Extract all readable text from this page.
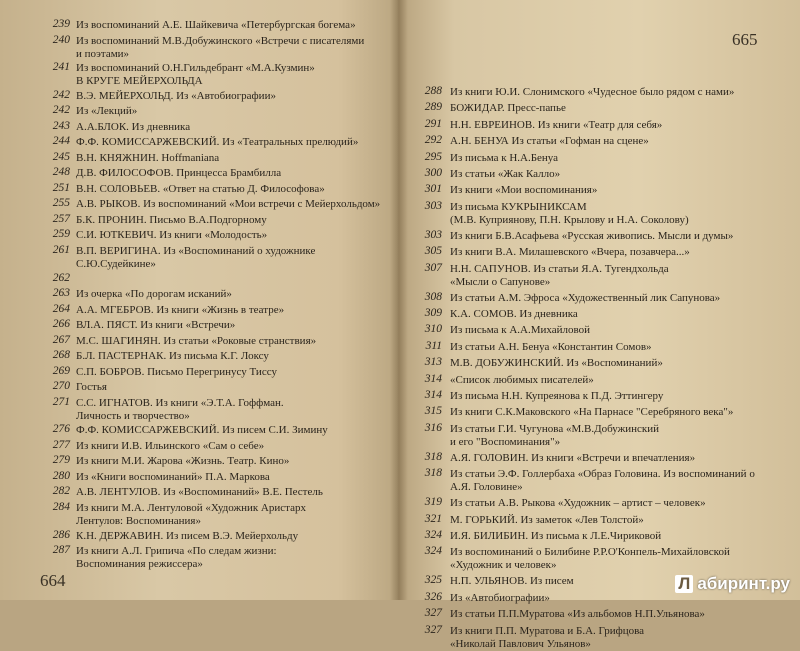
239 Из воспоминаний А.Е. Шайкевича «Петербургская богема»
240 Из воспоминаний М.В.Добужинского «Встречи с писателями
и поэтами»
241 Из воспоминаний О.Н.Гильдебрант «М.А.Кузмин»
В КРУГЕ МЕЙЕРХОЛЬДА
242 В.Э. МЕЙЕРХОЛЬД. Из «Автобиографии»
242 Из «Лекций»
243 А.А.БЛОК. Из дневника
244 Ф.Ф. КОМИССАРЖЕВСКИЙ. Из «Театральных прелюдий»
245 В.Н. КНЯЖНИН. Hoffmaniana
248 Д.В. ФИЛОСОФОВ. Принцесса Брамбилла
251 В.Н. СОЛОВЬЕВ. «Ответ на статью Д. Философова»
255 А.В. РЫКОВ. Из воспоминаний «Мои встречи с Мейерхольдом»
257 Б.К. ПРОНИН. Письмо В.А.Подгорному
259 С.И. ЮТКЕВИЧ. Из книги «Молодость»
261 В.П. ВЕРИГИНА. Из «Воспоминаний о художнике
С.Ю.Судейкине»
262
263 Из очерка «По дорогам исканий»
264 А.А. МГЕБРОВ. Из книги «Жизнь в театре»
266 ВЛ.А. ПЯСТ. Из книги «Встречи»
267 М.С. ШАГИНЯН. Из статьи «Роковые странствия»
268 Б.Л. ПАСТЕРНАК. Из письма К.Г. Локсу
269 С.П. БОБРОВ. Письмо Перегринусу Тиссу
270 Гостья
271 С.С. ИГНАТОВ. Из книги «Э.Т.А. Гоффман.
Личность и творчество»
276 Ф.Ф. КОМИССАРЖЕВСКИЙ. Из писем С.И. Зимину
277 Из книги И.В. Ильинского «Сам о себе»
279 Из книги М.И. Жарова «Жизнь. Театр. Кино»
280 Из «Книги воспоминаний» П.А. Маркова
282 А.В. ЛЕНТУЛОВ. Из «Воспоминаний» В.Е. Пестель
284 Из книги М.А. Лентуловой «Художник Аристарх
Лентулов: Воспоминания»
286 К.Н. ДЕРЖАВИН. Из писем В.Э. Мейерхольду
287 Из книги А.Л. Грипича «По следам жизни:
Воспоминания режиссера»
288 Из книги Ю.И. Слонимского «Чудесное было рядом с нами»
289 БОЖИДАР. Пресс-папье
291 Н.Н. ЕВРЕИНОВ. Из книги «Театр для себя»
292 А.Н. БЕНУА Из статьи «Гофман на сцене»
295 Из письма к Н.А.Бенуа
300 Из статьи «Жак Калло»
301 Из книги «Мои воспоминания»
303 Из письма КУКРЫНИКСАМ
(М.В. Куприянову, П.Н. Крылову и Н.А. Соколову)
303 Из книги Б.В.Асафьева «Русская живопись. Мысли и думы»
305 Из книги В.А. Милашевского «Вчера, позавчера...»
307 Н.Н. САПУНОВ. Из статьи Я.А. Тугендхольда
«Мысли о Сапунове»
308 Из статьи А.М. Эфроса «Художественный лик Сапунова»
309 К.А. СОМОВ. Из дневника
310 Из письма к А.А.Михайловой
311 Из статьи А.Н. Бенуа «Константин Сомов»
313 М.В. ДОБУЖИНСКИЙ. Из «Воспоминаний»
314 «Список любимых писателей»
314 Из письма Н.Н. Купреянова к П.Д. Эттингеру
315 Из книги С.К.Маковского «На Парнасе "Серебряного века"»
316 Из статьи Г.И. Чугунова «М.В.Добужинский
и его "Воспоминания"»
318 А.Я. ГОЛОВИН. Из книги «Встречи и впечатления»
318 Из статьи Э.Ф. Голлербаха «Образ Головина. Из воспоминаний о
А.Я. Головине»
319 Из статьи А.В. Рыкова «Художник – артист – человек»
321 М. ГОРЬКИЙ. Из заметок «Лев Толстой»
324 И.Я. БИЛИБИН. Из письма к Л.Е.Чириковой
324 Из воспоминаний о Билибине Р.Р.О'Конпель-Михайловской
«Художник и человек»
325 Н.П. УЛЬЯНОВ. Из писем
326 Из «Автобиографии»
327 Из статьи П.П.Муратова «Из альбомов Н.П.Ульянова»
327 Из книги П.П. Муратова и Б.А. Грифцова
«Николай Павлович Ульянов»
664
665
Л абиринт.ру
